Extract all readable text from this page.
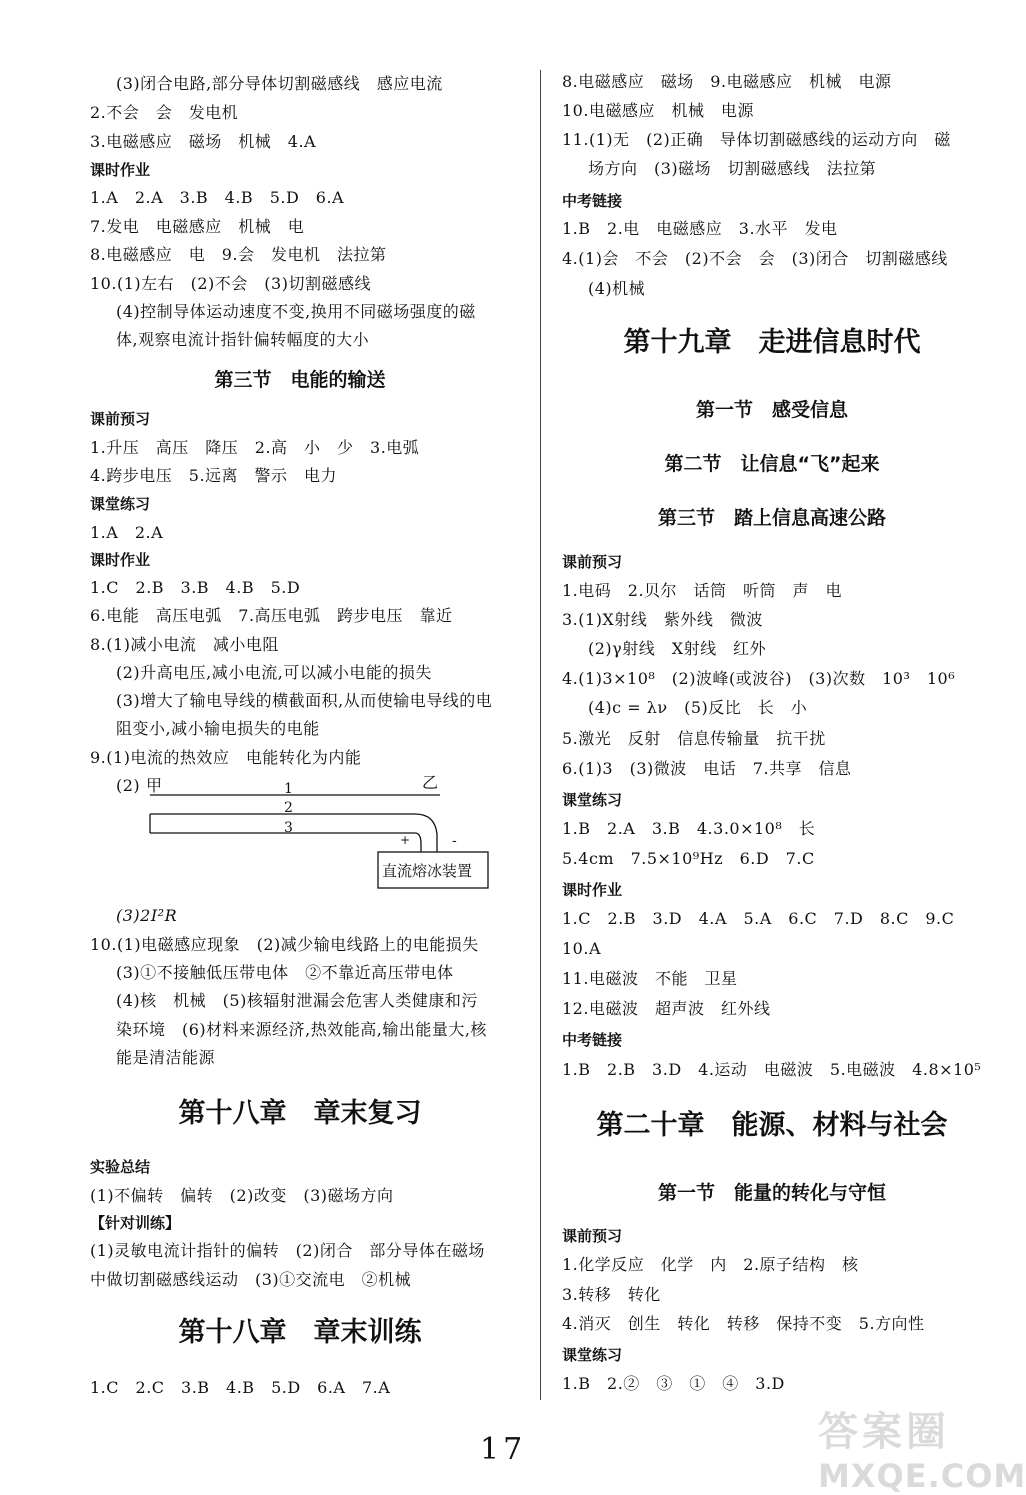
(3)闭合电路,部分导体切割磁感线　感应电流
2.不会　会　发电机
3.电磁感应　磁场　机械　4.A
课时作业
1.A　2.A　3.B　4.B　5.D　6.A
7.发电　电磁感应　机械　电
8.电磁感应　电　9.会　发电机　法拉第
10.(1)左右　(2)不会　(3)切割磁感线
(4)控制导体运动速度不变,换用不同磁场强度的磁
体,观察电流计指针偏转幅度的大小
第三节　电能的输送
课前预习
1.升压　高压　降压　2.高　小　少　3.电弧
4.跨步电压　5.远离　警示　电力
课堂练习
1.A　2.A
课时作业
1.C　2.B　3.B　4.B　5.D
6.电能　高压电弧　7.高压电弧　跨步电压　靠近
8.(1)减小电流　减小电阻
(2)升高电压,减小电流,可以减小电能的损失
(3)增大了输电导线的横截面积,从而使输电导线的电
阻变小,减小输电损失的电能
9.(1)电流的热效应　电能转化为内能
(2) 甲	乙
1
2
3
+	-
直流熔冰装置
(3)2I²R
10.(1)电磁感应现象　(2)减少输电线路上的电能损失
(3)①不接触低压带电体　②不靠近高压带电体
(4)核　机械　(5)核辐射泄漏会危害人类健康和污
染环境　(6)材料来源经济,热效能高,输出能量大,核
能是清洁能源
第十八章　章末复习
实验总结
(1)不偏转　偏转　(2)改变　(3)磁场方向
【针对训练】
(1)灵敏电流计指针的偏转　(2)闭合　部分导体在磁场
中做切割磁感线运动　(3)①交流电　②机械
第十八章　章末训练
1.C　2.C　3.B　4.B　5.D　6.A　7.A
8.电磁感应　磁场　9.电磁感应　机械　电源
10.电磁感应　机械　电源
11.(1)无　(2)正确　导体切割磁感线的运动方向　磁
场方向　(3)磁场　切割磁感线　法拉第
中考链接
1.B　2.电　电磁感应　3.水平　发电
4.(1)会　不会　(2)不会　会　(3)闭合　切割磁感线
(4)机械
第十九章　走进信息时代
第一节　感受信息
第二节　让信息“飞”起来
第三节　踏上信息高速公路
课前预习
1.电码　2.贝尔　话筒　听筒　声　电
3.(1)X射线　紫外线　微波
(2)γ射线　X射线　红外
4.(1)3×10⁸　(2)波峰(或波谷)　(3)次数　10³　10⁶
(4)c = λν　(5)反比　长　小
5.激光　反射　信息传输量　抗干扰
6.(1)3　(3)微波　电话　7.共享　信息
课堂练习
1.B　2.A　3.B　4.3.0×10⁸　长
5.4cm　7.5×10⁹Hz　6.D　7.C
课时作业
1.C　2.B　3.D　4.A　5.A　6.C　7.D　8.C　9.C
10.A
11.电磁波　不能　卫星
12.电磁波　超声波　红外线
中考链接
1.B　2.B　3.D　4.运动　电磁波　5.电磁波　4.8×10⁵
第二十章　能源、材料与社会
第一节　能量的转化与守恒
课前预习
1.化学反应　化学　内　2.原子结构　核
3.转移　转化
4.消灭　创生　转化　转移　保持不变　5.方向性
课堂练习
1.B　2.②　③　①　④　3.D
17	答案圈
MXQE.COM
